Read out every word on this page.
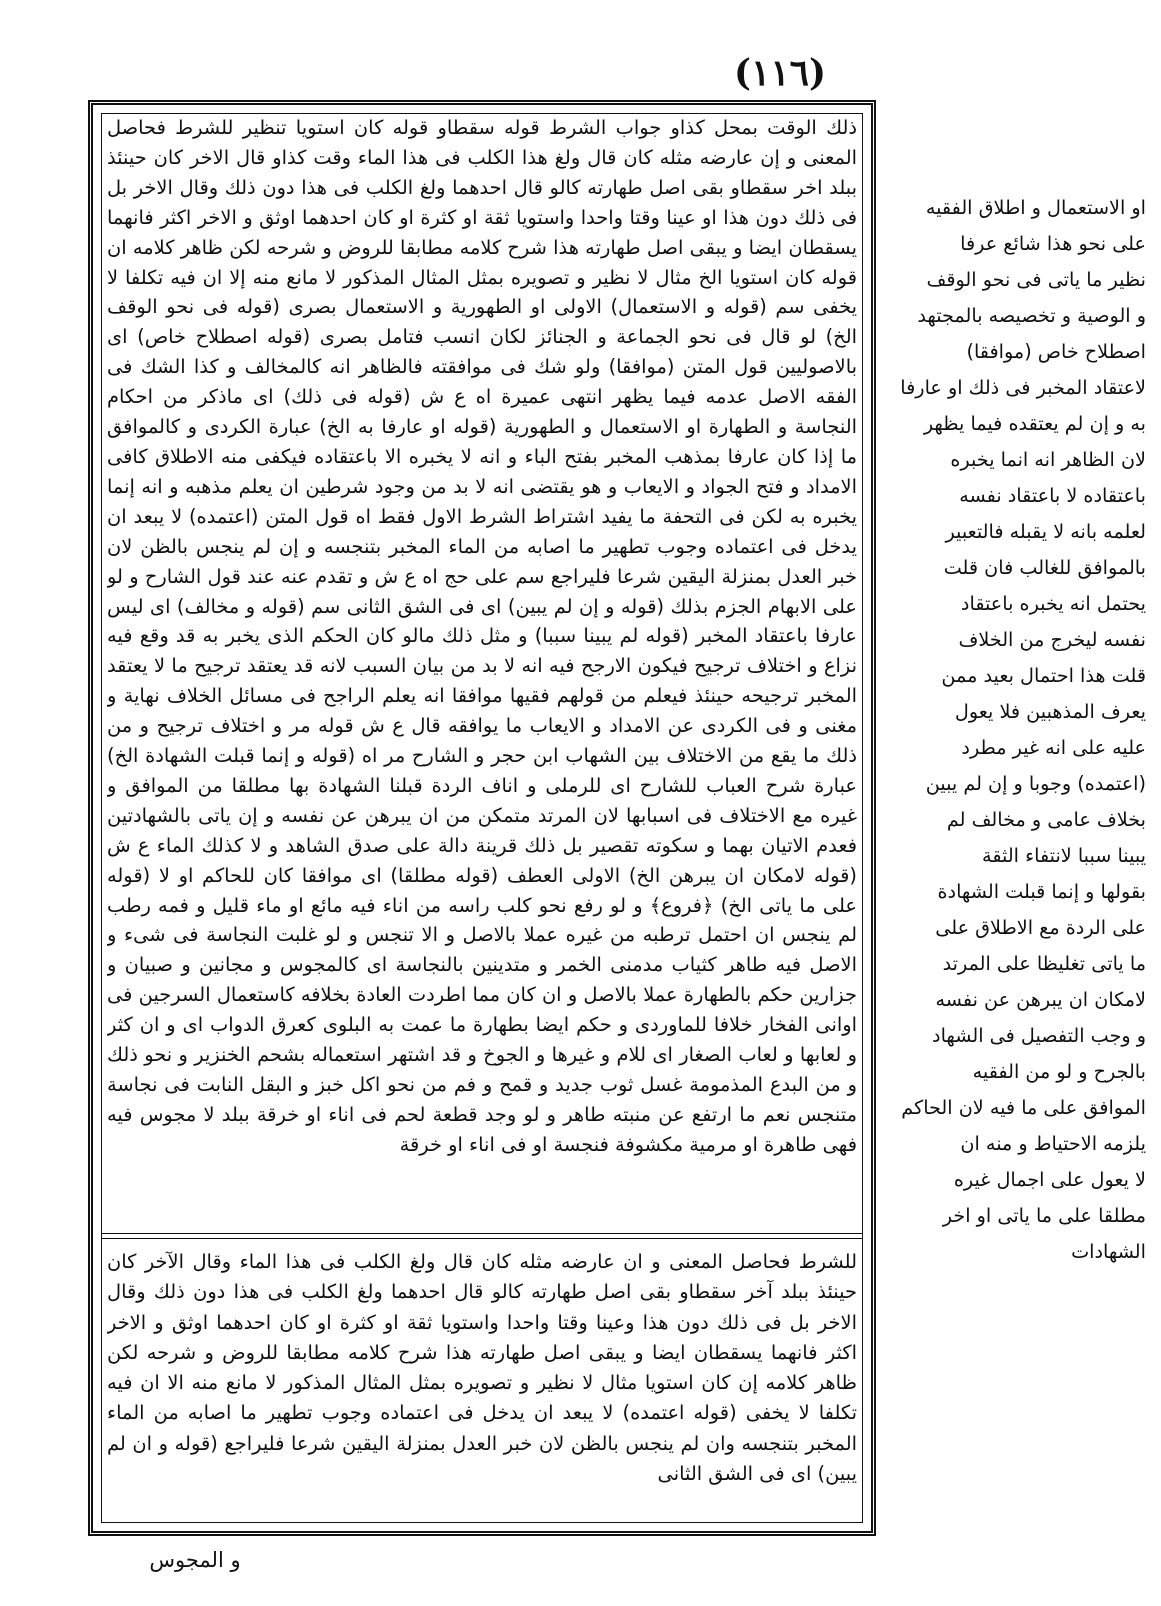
(١١٦)
ذلك الوقت بمحل كذاو جواب الشرط قوله سقطاو قوله كان استويا تنظير للشرط فحاصل المعنى و إن عارضه مثله كان قال ولغ هذا الكلب فى هذا الماء وقت كذاو قال الاخر كان حينئذ ببلد اخر سقطاو بقى اصل طهارته كالو قال احدهما ولغ الكلب فى هذا دون ذلك وقال الاخر بل فى ذلك دون هذا او عينا وقتا واحدا واستويا ثقة او كثرة او كان احدهما اوثق و الاخر اكثر فانهما يسقطان ايضا و يبقى اصل طهارته هذا شرح كلامه مطابقا للروض و شرحه لكن ظاهر كلامه ان قوله كان استويا الخ مثال لا نظير و تصويره بمثل المثال المذكور لا مانع منه إلا ان فيه تكلفا لا يخفى سم (قوله و الاستعمال) الاولى او الطهورية و الاستعمال بصرى (قوله فى نحو الوقف الخ) لو قال فى نحو الجماعة و الجنائز لكان انسب فتامل بصرى (قوله اصطلاح خاص) اى بالاصوليين قول المتن (موافقا) ولو شك فى موافقته فالظاهر انه كالمخالف و كذا الشك فى الفقه الاصل عدمه فيما يظهر انتهى عميرة اه ع ش (قوله فى ذلك) اى ماذكر من احكام النجاسة و الطهارة او الاستعمال و الطهورية (قوله او عارفا به الخ) عبارة الكردى و كالموافق ما إذا كان عارفا بمذهب المخبر بفتح الباء و انه لا يخبره الا باعتقاده فيكفى منه الاطلاق كافى الامداد و فتح الجواد و الايعاب و هو يقتضى انه لا بد من وجود شرطين ان يعلم مذهبه و انه إنما يخبره به لكن فى التحفة ما يفيد اشتراط الشرط الاول فقط اه قول المتن (اعتمده) لا يبعد ان يدخل فى اعتماده وجوب تطهير ما اصابه من الماء المخبر بتنجسه و إن لم ينجس بالظن لان خبر العدل بمنزلة اليقين شرعا فليراجع سم على حج اه ع ش و تقدم عنه عند قول الشارح و لو على الابهام الجزم بذلك (قوله و إن لم يبين) اى فى الشق الثانى سم (قوله و مخالف) اى ليس عارفا باعتقاد المخبر (قوله لم يبينا سببا) و مثل ذلك مالو كان الحكم الذى يخبر به قد وقع فيه نزاع و اختلاف ترجيح فيكون الارجح فيه انه لا بد من بيان السبب لانه قد يعتقد ترجيح ما لا يعتقد المخبر ترجيحه حينئذ فيعلم من قولهم فقيها موافقا انه يعلم الراجح فى مسائل الخلاف نهاية و مغنى و فى الكردى عن الامداد و الايعاب ما يوافقه قال ع ش قوله مر و اختلاف ترجيح و من ذلك ما يقع من الاختلاف بين الشهاب ابن حجر و الشارح مر اه (قوله و إنما قبلت الشهادة الخ) عبارة شرح العباب للشارح اى للرملى و اناف الردة قبلنا الشهادة بها مطلقا من الموافق و غيره مع الاختلاف فى اسبابها لان المرتد متمكن من ان يبرهن عن نفسه و إن ياتى بالشهادتين فعدم الاتيان بهما و سكوته تقصير بل ذلك قرينة دالة على صدق الشاهد و لا كذلك الماء ع ش (قوله لامكان ان يبرهن الخ) الاولى العطف (قوله مطلقا) اى موافقا كان للحاكم او لا (قوله على ما ياتى الخ) ﴿فروع﴾ و لو رفع نحو كلب راسه من اناء فيه مائع او ماء قليل و فمه رطب لم ينجس ان احتمل ترطبه من غيره عملا بالاصل و الا تنجس و لو غلبت النجاسة فى شىء و الاصل فيه طاهر كثياب مدمنى الخمر و متدينين بالنجاسة اى كالمجوس و مجانين و صبيان و جزارين حكم بالطهارة عملا بالاصل و ان كان مما اطردت العادة بخلافه كاستعمال السرجين فى اوانى الفخار خلافا للماوردى و حكم ايضا بطهارة ما عمت به البلوى كعرق الدواب اى و ان كثر و لعابها و لعاب الصغار اى للام و غيرها و الجوخ و قد اشتهر استعماله بشحم الخنزير و نحو ذلك و من البدع المذمومة غسل ثوب جديد و قمح و فم من نحو اكل خبز و البقل النابت فى نجاسة متنجس نعم ما ارتفع عن منبته طاهر و لو وجد قطعة لحم فى اناء او خرقة ببلد لا مجوس فيه فهى طاهرة او مرمية مكشوفة فنجسة او فى اناء او خرقة
للشرط فحاصل المعنى و ان عارضه مثله كان قال ولغ الكلب فى هذا الماء وقال الآخر كان حينئذ ببلد آخر سقطاو بقى اصل طهارته كالو قال احدهما ولغ الكلب فى هذا دون ذلك وقال الاخر بل فى ذلك دون هذا وعينا وقتا واحدا واستويا ثقة او كثرة او كان احدهما اوثق و الاخر اكثر فانهما يسقطان ايضا و يبقى اصل طهارته هذا شرح كلامه مطابقا للروض و شرحه لكن ظاهر كلامه إن كان استويا مثال لا نظير و تصويره بمثل المثال المذكور لا مانع منه الا ان فيه تكلفا لا يخفى (قوله اعتمده) لا يبعد ان يدخل فى اعتماده وجوب تطهير ما اصابه من الماء المخبر بتنجسه وان لم ينجس بالظن لان خبر العدل بمنزلة اليقين شرعا فليراجع (قوله و ان لم يبين) اى فى الشق الثانى
او الاستعمال و اطلاق الفقيه
على نحو هذا شائع عرفا
نظير ما ياتى فى نحو الوقف
و الوصية و تخصيصه بالمجتهد
اصطلاح خاص (موافقا)
لاعتقاد المخبر فى ذلك او عارفا
به و إن لم يعتقده فيما يظهر
لان الظاهر انه انما يخبره
باعتقاده لا باعتقاد نفسه
لعلمه بانه لا يقبله فالتعبير
بالموافق للغالب فان قلت
يحتمل انه يخبره باعتقاد
نفسه ليخرج من الخلاف
قلت هذا احتمال بعيد ممن
يعرف المذهبين فلا يعول
عليه على انه غير مطرد
(اعتمده) وجوبا و إن لم يبين
بخلاف عامى و مخالف لم
يبينا سببا لانتفاء الثقة
بقولها و إنما قبلت الشهادة
على الردة مع الاطلاق على
ما ياتى تغليظا على المرتد
لامكان ان يبرهن عن نفسه
و وجب التفصيل فى الشهاد
بالجرح و لو من الفقيه
الموافق على ما فيه لان الحاكم
يلزمه الاحتياط و منه ان
لا يعول على اجمال غيره
مطلقا على ما ياتى او اخر
الشهادات
و المجوس
